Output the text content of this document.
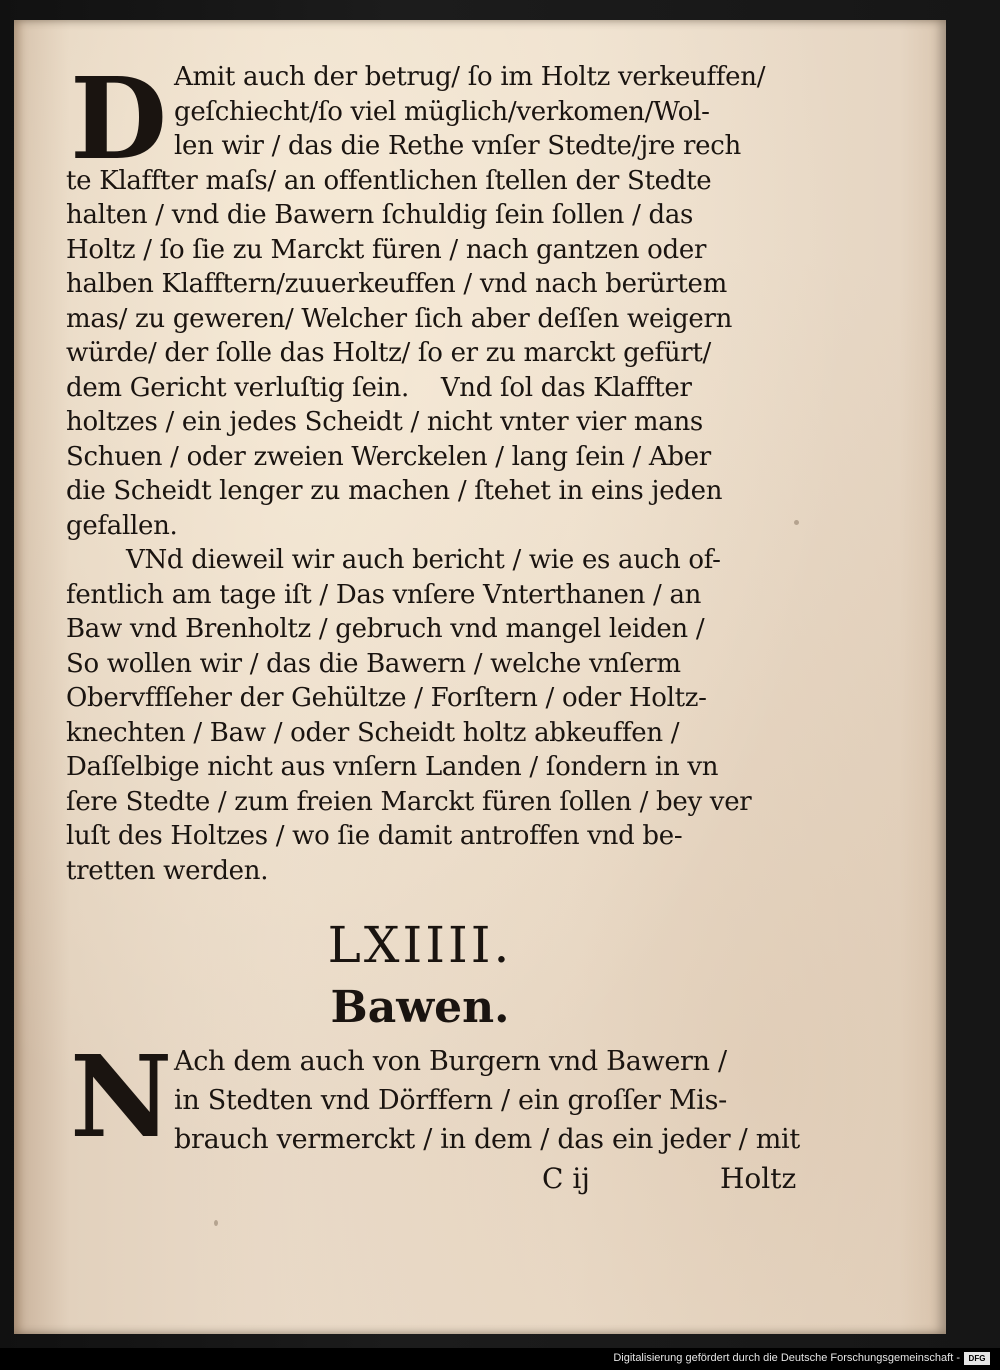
D Amit auch der betrug/ ſo im Holtz verkeuffen/
geſchiecht/ſo viel müglich/verkomen/Wol-
len wir / das die Rethe vnſer Stedte/jre rech
te Klaffter maſs/ an offentlichen ſtellen der Stedte
halten / vnd die Bawern ſchuldig ſein ſollen / das
Holtz / ſo ſie zu Marckt füren / nach gantzen oder
halben Klafftern/zuuerkeuffen / vnd nach berürtem
mas/ zu geweren/ Welcher ſich aber deſſen weigern
würde/ der ſolle das Holtz/ ſo er zu marckt gefürt/
dem Gericht verluſtig ſein.    Vnd ſol das Klaffter
holtzes / ein jedes Scheidt / nicht vnter vier mans
Schuen / oder zweien Werckelen / lang ſein / Aber
die Scheidt lenger zu machen / ſtehet in eins jeden
gefallen.
VNd dieweil wir auch bericht / wie es auch of-
fentlich am tage iſt / Das vnſere Vnterthanen / an
Baw vnd Brenholtz / gebruch vnd mangel leiden /
So wollen wir / das die Bawern / welche vnſerm
Obervffſeher der Gehültze / Forſtern / oder Holtz-
knechten / Baw / oder Scheidt holtz abkeuffen /
Daſſelbige nicht aus vnſern Landen / ſondern in vn
ſere Stedte / zum freien Marckt füren ſollen / bey ver
luſt des Holtzes / wo ſie damit antroffen vnd be-
tretten werden.
LXIIII.
Bawen.
N Ach dem auch von Burgern vnd Bawern /
in Stedten vnd Dörffern / ein groſſer Mis-
brauch vermerckt / in dem / das ein jeder / mit
C ij	Holtz
Digitalisierung gefördert durch die Deutsche Forschungsgemeinschaft -	DFG
